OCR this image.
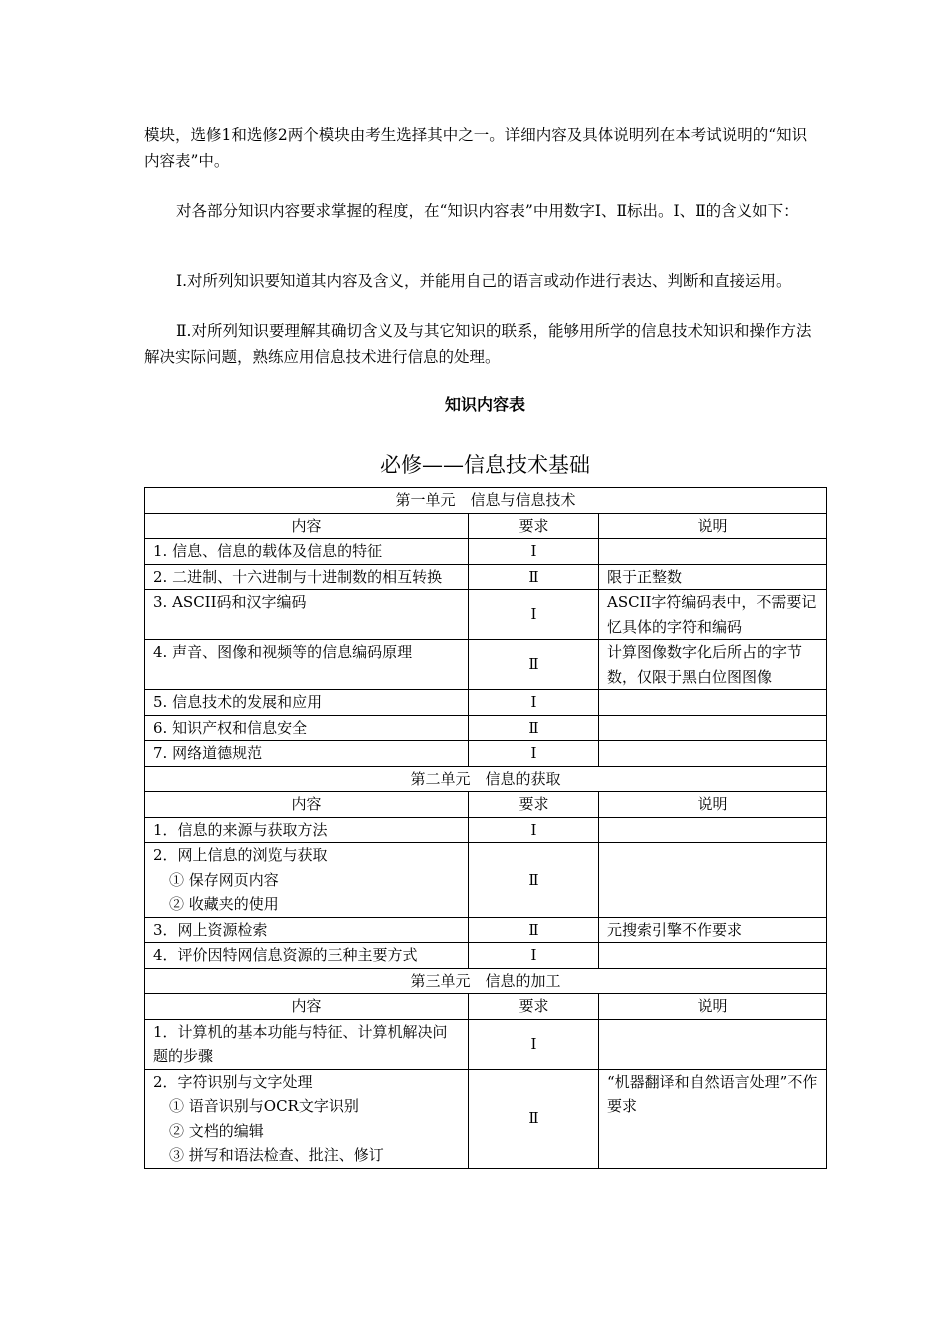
模块，选修1和选修2两个模块由考生选择其中之一。详细内容及具体说明列在本考试说明的“知识内容表”中。

对各部分知识内容要求掌握的程度，在“知识内容表”中用数字Ⅰ、Ⅱ标出。Ⅰ、Ⅱ的含义如下：

Ⅰ.对所列知识要知道其内容及含义，并能用自己的语言或动作进行表达、判断和直接运用。

Ⅱ.对所列知识要理解其确切含义及与其它知识的联系，能够用所学的信息技术知识和操作方法解决实际问题，熟练应用信息技术进行信息的处理。

知识内容表
必修——信息技术基础
第一单元　信息与信息技术		
内容	要求	说明
1. 信息、信息的载体及信息的特征	Ⅰ	
2. 二进制、十六进制与十进制数的相互转换	Ⅱ	限于正整数
3. ASCII码和汉字编码	Ⅰ	ASCII字符编码表中，不需要记忆具体的字符和编码
4. 声音、图像和视频等的信息编码原理	Ⅱ	计算图像数字化后所占的字节数，仅限于黑白位图图像
5. 信息技术的发展和应用	Ⅰ	
6. 知识产权和信息安全	Ⅱ	
7. 网络道德规范	Ⅰ	
第二单元　信息的获取		
内容	要求	说明
1．信息的来源与获取方法	Ⅰ	
2．网上信息的浏览与获取
① 保存网页内容
② 收藏夹的使用	Ⅱ	
3．网上资源检索	Ⅱ	元搜索引擎不作要求
4．评价因特网信息资源的三种主要方式	Ⅰ	
第三单元　信息的加工		
内容	要求	说明
1．计算机的基本功能与特征、计算机解决问题的步骤	Ⅰ	
2．字符识别与文字处理
① 语音识别与OCR文字识别
② 文档的编辑
③ 拼写和语法检查、批注、修订	Ⅱ	“机器翻译和自然语言处理”不作要求
